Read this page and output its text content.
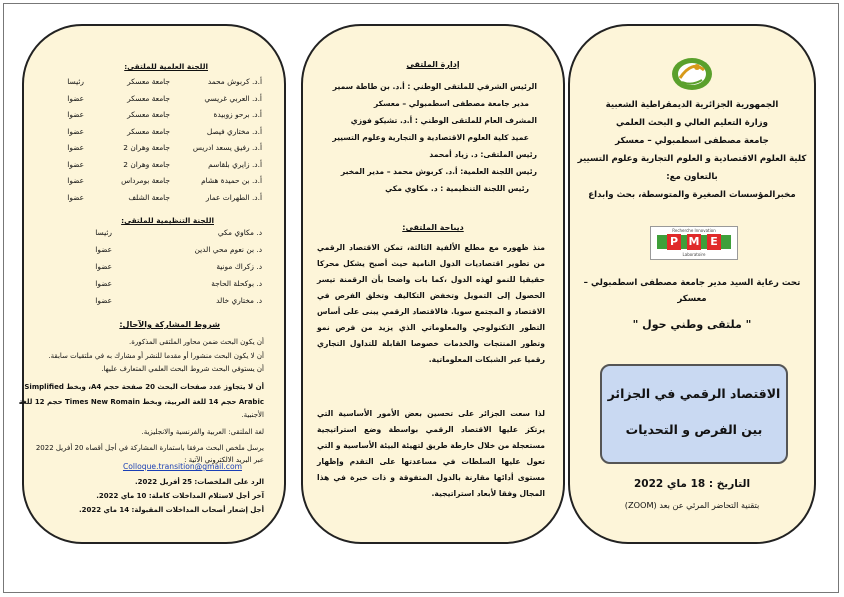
اللجنة العلمية للملتقى:
أ.د. كربوش محمد
جامعة معسكر
رئيسا
أ.د. العربي غريسي
جامعة معسكر
عضوا
أ.د. برحو زوبيدة
جامعة معسكر
عضوا
أ.د. مختاري فيصل
جامعة معسكر
عضوا
أ.د. رفيق يسعد ادريس
جامعة وهران 2
عضوا
أ.د. زايري بلقاسم
جامعة وهران 2
عضوا
أ.د. بن حميدة هشام
جامعة بومرداس
عضوا
أ.د. الطهرات عمار
جامعة الشلف
عضوا
اللجنة التنظيمية للملتقى:
د. مكاوي مكي
رئيسا
د. بن نعوم محي الدين
عضوا
د. زكراك مونية
عضوا
د. بوكحلة الحاجة
عضوا
د. مختاري خالد
عضوا
شروط المشاركة والآجال:
أن يكون البحث ضمن محاور الملتقى المذكورة.
أن لا يكون البحث منشورا أو مقدما للنشر أو مشارك به في ملتقيات سابقة.
أن يستوفي البحث شروط البحث العلمي المتعارف عليها.
أن لا يتجاوز عدد صفحات البحث 20 صفحة حجم A4، وبخط Simplified
Arabic حجم 14 للغة العربية، وبخط Times New Romain حجم 12 للغة
الأجنبية.
لغة الملتقى: العربية والفرنسية والانجليزية.
يرسل ملخص البحث مرفقا باستمارة المشاركة في أجل أقصاه 20 أفريل 2022
عبر البريد الالكتروني الآتية :
Colloque.transition@gmail.com
الرد على الملخصات: 25 أفريل 2022.
آخر أجل لاستلام المداخلات كاملة: 10 ماي 2022.
أجل إشعار أصحاب المداخلات المقبولة: 14 ماي 2022.
إدارة الملتقى
الرئيس الشرفي للملتقى الوطني : أ.د. بن طاطة سمير
مدير جامعة مصطفى اسطمبولي – معسكر
المشرف العام للملتقى الوطني : أ.د. تشيكو فوزي
عميد كلية العلوم الاقتصادية و التجارية وعلوم التسيير
رئيس الملتقى: د. زياد أمحمد
رئيس اللجنة العلمية: أ.د. كربوش محمد – مدير المخبر
رئيس اللجنة التنظيمية : د. مكاوي مكي
ديباجة الملتقى:
منذ ظهوره مع مطلع الألفية الثالثة، تمكن الاقتصاد الرقمي من تطوير اقتصاديات الدول النامية حيث أصبح يشكل محركا حقيقيا للنمو لهذه الدول ،كما بات واضحا بأن الرقمنة تيسر الحصول إلى التمويل وتخفض التكاليف وتخلق الفرص في الاقتصاد و المجتمع سويا. فالاقتصاد الرقمي يبنى على أساس التطور التكنولوجي والمعلوماتي الذي يزيد من فرص نمو وتطور المنتجات والخدمات خصوصا القابلة للتداول التجاري رقميا عبر الشبكات المعلوماتية.
لذا سعت الجزائر على تحسين بعض الأمور الأساسية التي يرتكز عليها الاقتصاد الرقمي بواسطة وضع استراتيجية مستعجلة من خلال خارطة طريق لتهيئة البيئة الأساسية و التي تعول عليها السلطات في مساعدتها على التقدم وإظهار مستوى أدائها مقارنة بالدول المتفوقة و ذات خبرة في هذا المجال وفقا لأبعاد استراتيجية.
الجمهورية الجزائرية الديمقراطية الشعبية
وزارة التعليم العالي و البحث العلمي
جامعة مصطفى اسطمبولي – معسكر
كلية العلوم الاقتصادية و العلوم التجارية وعلوم التسيير
بالتعاون مع:
مخبرالمؤسسات الصغيرة والمتوسطة، بحث وابداع
Recherche Innovation
P M E
Laboratoire
تحت رعاية السيد مدير جامعة مصطفى اسطمبولي –
معسكر
" ملتقى وطني حول "
الاقتصاد الرقمي في الجزائر
بين الفرص و التحديات
التاريخ : 18 ماي 2022
بتقنية التحاضر المرئي عن بعد (ZOOM)
